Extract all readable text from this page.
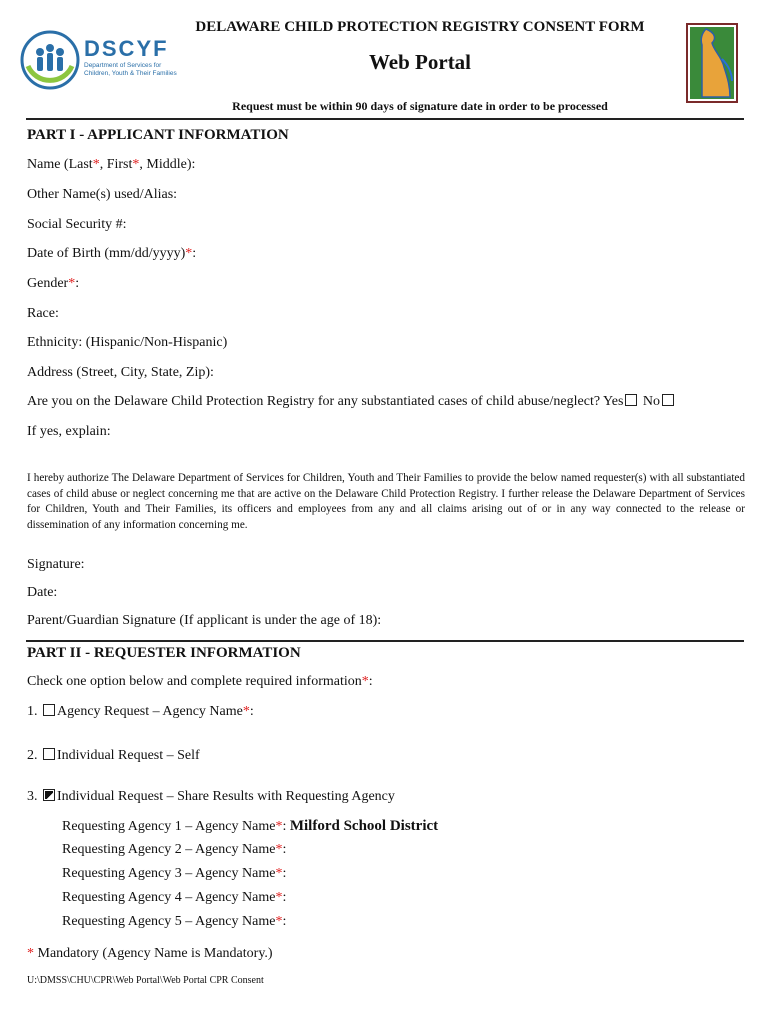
DSCYF
Department of Services for
Children, Youth & Their Families
DELAWARE CHILD PROTECTION REGISTRY CONSENT FORM
Web Portal
Request must be within 90 days of signature date in order to be processed
PART I - APPLICANT INFORMATION
Name (Last*, First*, Middle):
Other Name(s) used/Alias:
Social Security #:
Date of Birth (mm/dd/yyyy)*:
Gender*:
Race:
Ethnicity: (Hispanic/Non-Hispanic)
Address (Street, City, State, Zip):
Are you on the Delaware Child Protection Registry for any substantiated cases of child abuse/neglect? Yes No
If yes, explain:
I hereby authorize The Delaware Department of Services for Children, Youth and Their Families to provide the below named requester(s) with all substantiated cases of child abuse or neglect concerning me that are active on the Delaware Child Protection Registry. I further release the Delaware Department of Services for Children, Youth and Their Families, its officers and employees from any and all claims arising out of or in any way connected to the release or dissemination of any information concerning me.
Signature:
Date:
Parent/Guardian Signature (If applicant is under the age of 18):
PART II - REQUESTER INFORMATION
Check one option below and complete required information*:
1. Agency Request – Agency Name*:
2. Individual Request – Self
3. Individual Request – Share Results with Requesting Agency
Requesting Agency 1 – Agency Name*: Milford School District
Requesting Agency 2 – Agency Name*:
Requesting Agency 3 – Agency Name*:
Requesting Agency 4 – Agency Name*:
Requesting Agency 5 – Agency Name*:
* Mandatory (Agency Name is Mandatory.)
U:\DMSS\CHU\CPR\Web Portal\Web Portal CPR Consent
